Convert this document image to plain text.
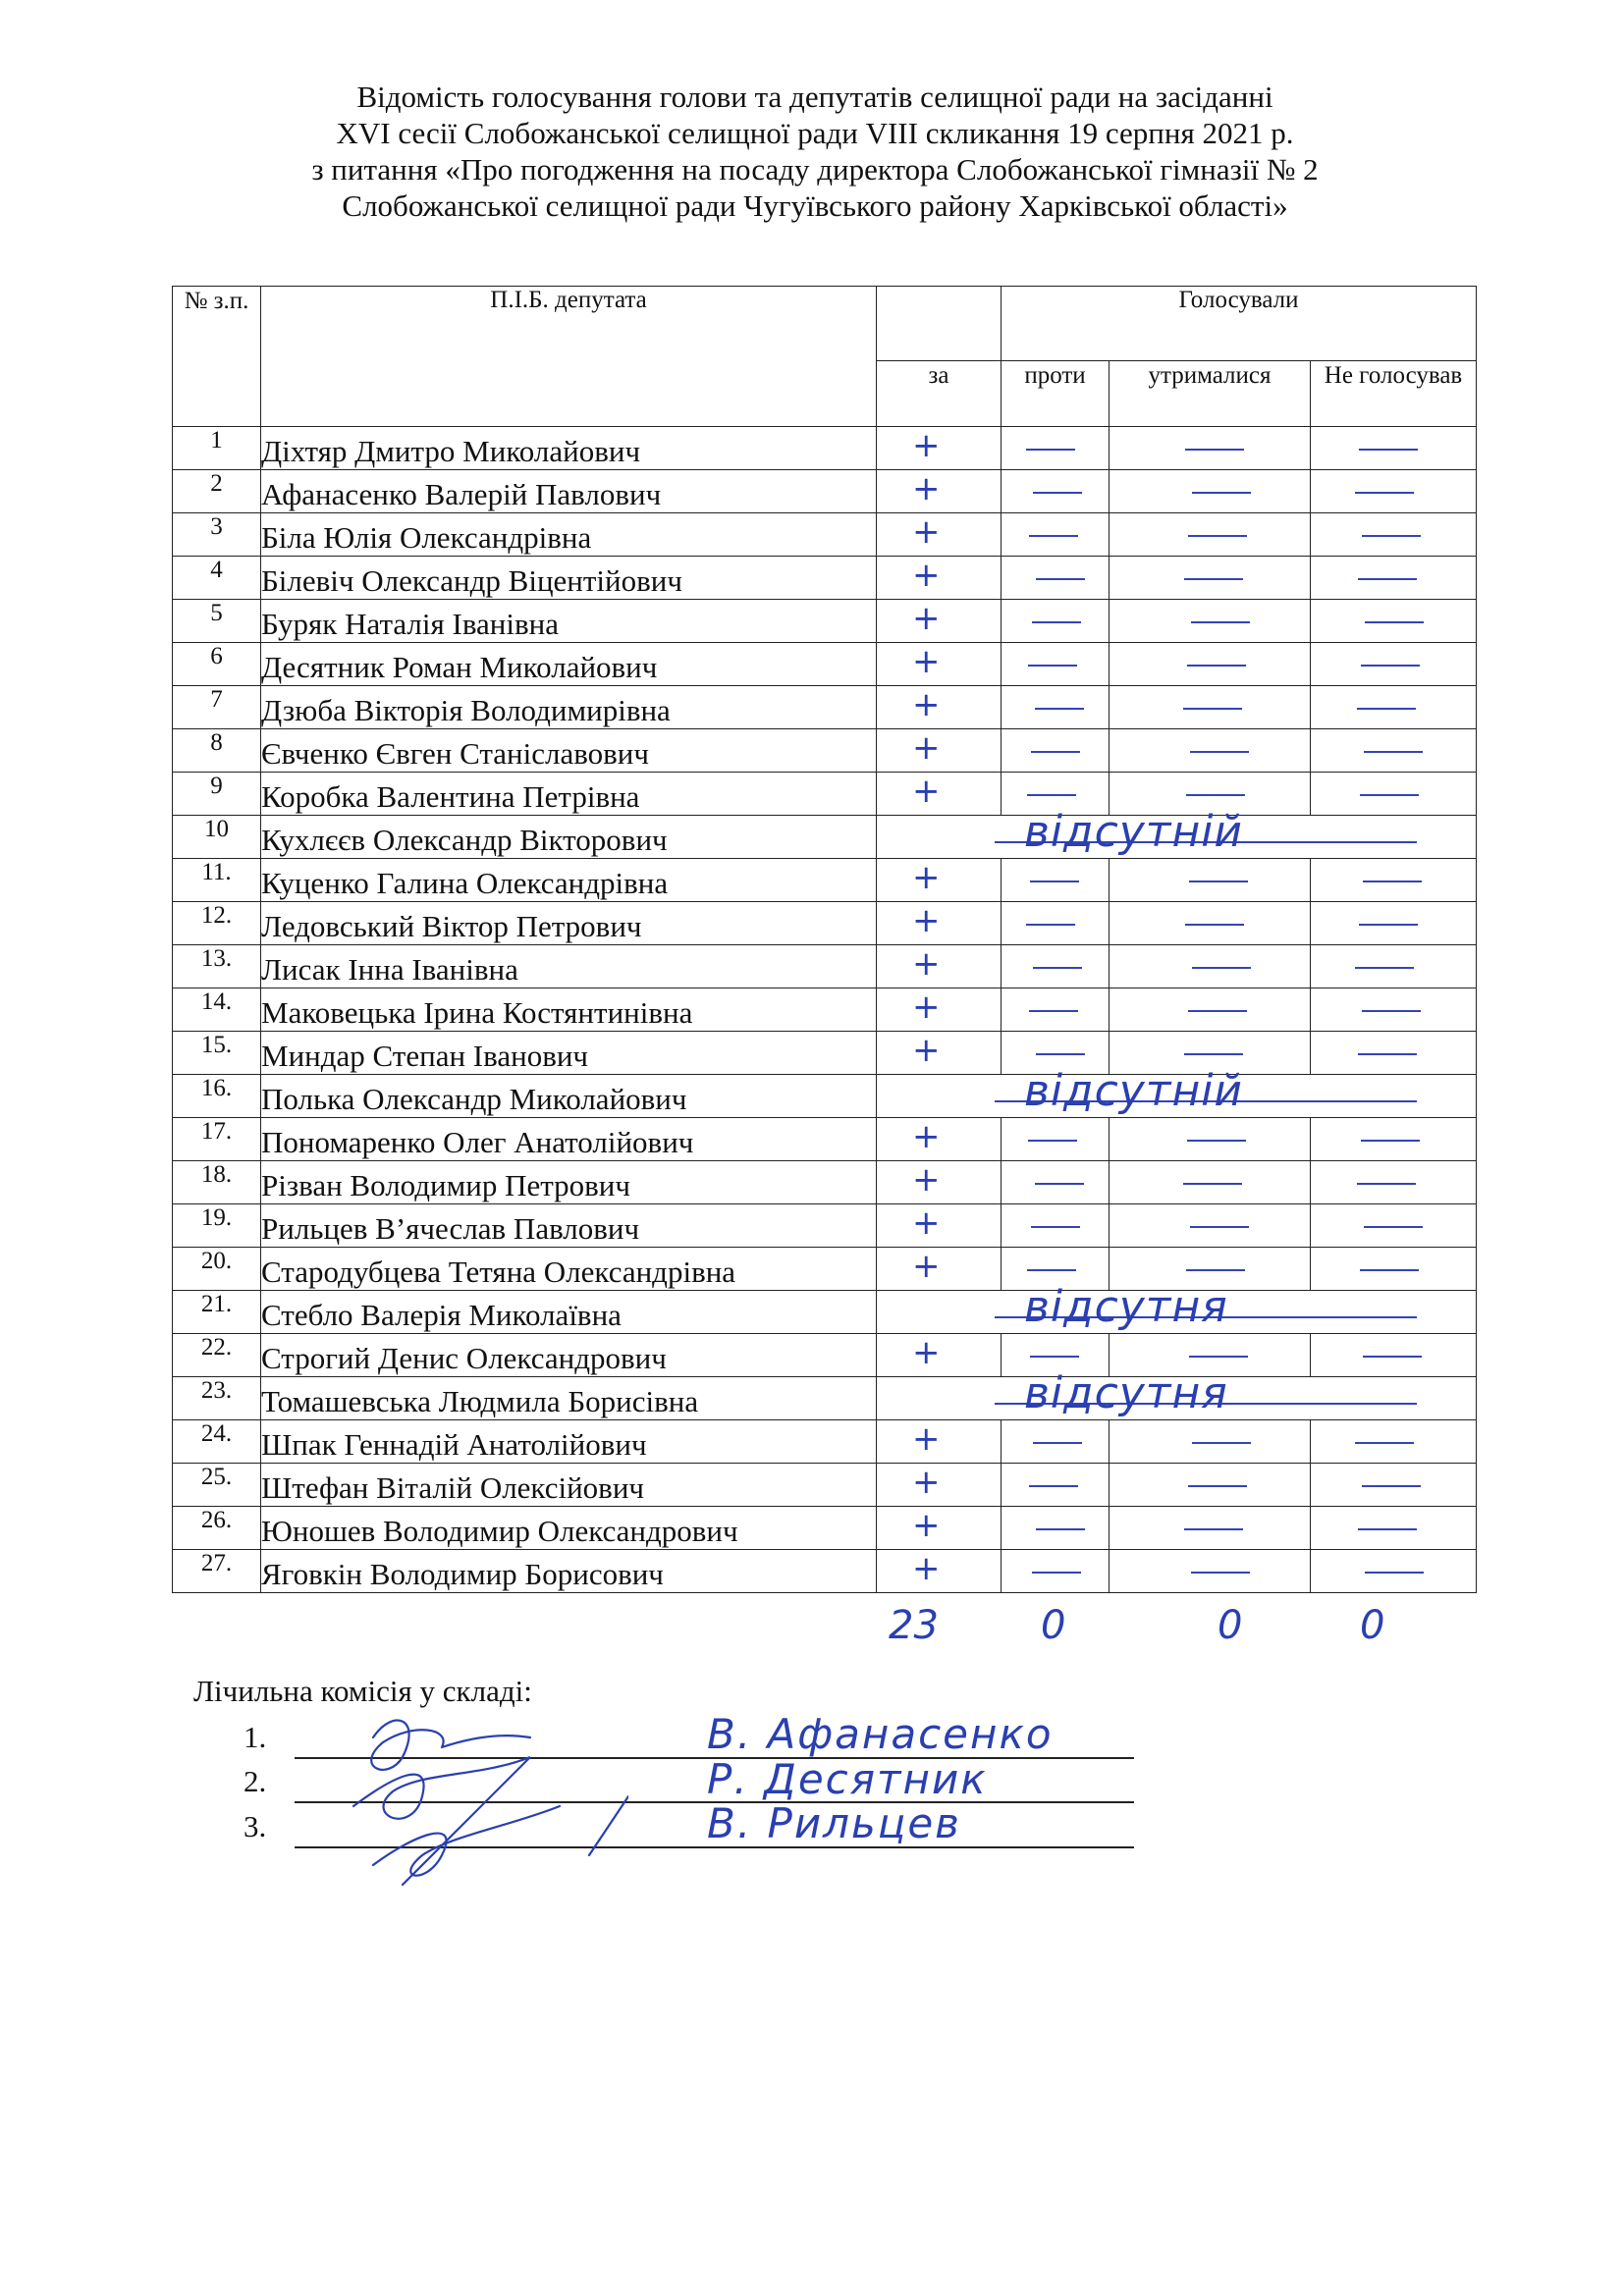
Відомість голосування голови та депутатів селищної ради на засіданні
XVI сесії Слобожанської селищної ради VIII скликання 19 серпня 2021 р.
з питання «Про погодження на посаду директора Слобожанської гімназії № 2
Слобожанської селищної ради Чугуївського району Харківської області»
№ з.п.	П.І.Б. депутата		Голосували		
		за	проти	утрималися	Не голосував
1	Діхтяр Дмитро Миколайович	+			

2	Афанасенко Валерій Павлович	+			

3	Біла Юлія Олександрівна	+			

4	Білевіч Олександр Віцентійович	+			

5	Буряк Наталія Іванівна	+			

6	Десятник Роман Миколайович	+			

7	Дзюба Вікторія Володимирівна	+			

8	Євченко Євген Станіславович	+			

9	Коробка Валентина Петрівна	+			

10	Кухлєєв Олександр Вікторович	відсутній			

11.	Куценко Галина Олександрівна	+			

12.	Ледовський Віктор Петрович	+			

13.	Лисак Інна Іванівна	+			

14.	Маковецька Ірина Костянтинівна	+			

15.	Миндар Степан Іванович	+			

16.	Полька Олександр Миколайович	відсутній			

17.	Пономаренко Олег Анатолійович	+			

18.	Різван Володимир Петрович	+			

19.	Рильцев В’ячеслав Павлович	+			

20.	Стародубцева Тетяна Олександрівна	+			

21.	Стебло Валерія Миколаївна	відсутня			

22.	Строгий Денис Олександрович	+			

23.	Томашевська Людмила Борисівна	відсутня			

24.	Шпак Геннадій Анатолійович	+			

25.	Штефан Віталій Олексійович	+			

26.	Юношев Володимир Олександрович	+			

27.	Яговкін Володимир Борисович	+			

23	0	0	0
Лічильна комісія у складі:
1.	В. Афанасенко
2.	Р. Десятник
3.	В. Рильцев
